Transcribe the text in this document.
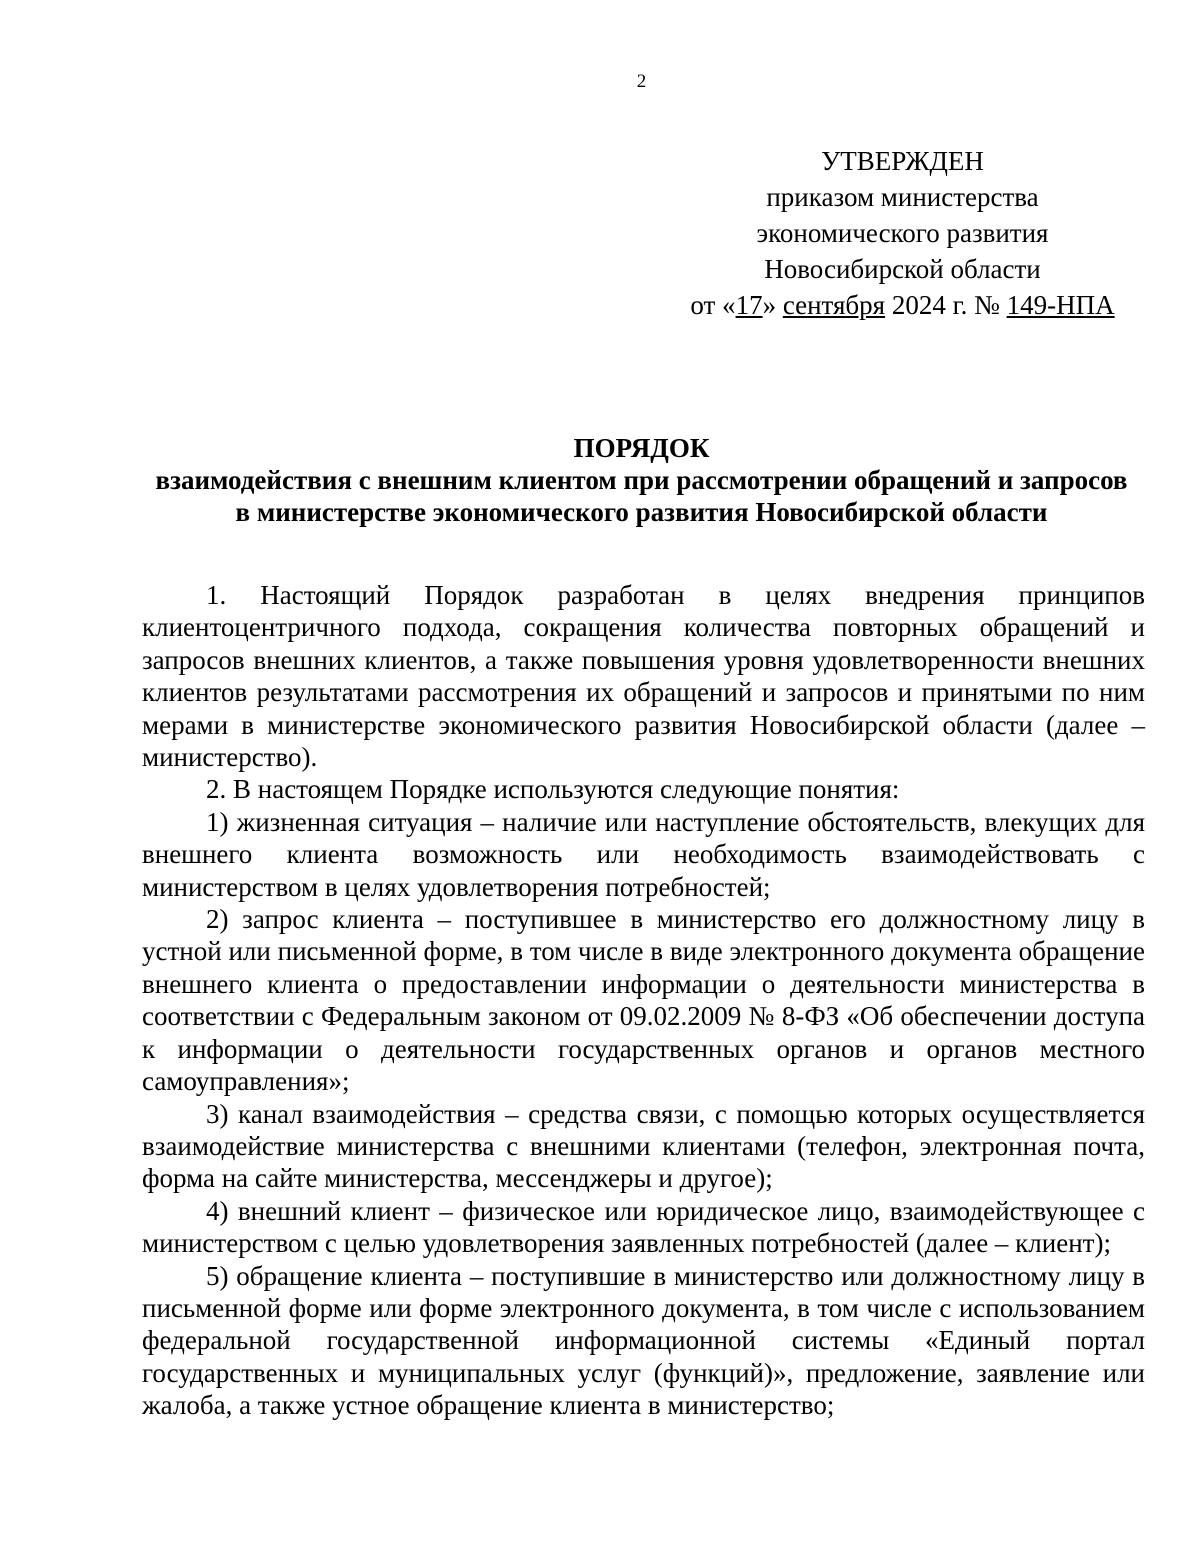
2
УТВЕРЖДЕН
приказом министерства
экономического развития
Новосибирской области
от «17» сентября 2024 г. № 149-НПА
ПОРЯДОК
взаимодействия с внешним клиентом при рассмотрении обращений и запросов
в министерстве экономического развития Новосибирской области

1. Настоящий Порядок разработан в целях внедрения принципов клиентоцентричного подхода, сокращения количества повторных обращений и запросов внешних клиентов, а также повышения уровня удовлетворенности внешних клиентов результатами рассмотрения их обращений и запросов и принятыми по ним мерами в министерстве экономического развития Новосибирской области (далее – министерство).

2. В настоящем Порядке используются следующие понятия:

1) жизненная ситуация – наличие или наступление обстоятельств, влекущих для внешнего клиента возможность или необходимость взаимодействовать с министерством в целях удовлетворения потребностей;

2) запрос клиента – поступившее в министерство его должностному лицу в устной или письменной форме, в том числе в виде электронного документа обращение внешнего клиента о предоставлении информации о деятельности министерства в соответствии с Федеральным законом от 09.02.2009 № 8-ФЗ «Об обеспечении доступа к информации о деятельности государственных органов и органов местного самоуправления»;

3) канал взаимодействия – средства связи, с помощью которых осуществляется взаимодействие министерства с внешними клиентами (телефон, электронная почта, форма на сайте министерства, мессенджеры и другое);

4) внешний клиент – физическое или юридическое лицо, взаимодействующее с министерством с целью удовлетворения заявленных потребностей (далее – клиент);

5) обращение клиента – поступившие в министерство или должностному лицу в письменной форме или форме электронного документа, в том числе с использованием федеральной государственной информационной системы «Единый портал государственных и муниципальных услуг (функций)», предложение, заявление или жалоба, а также устное обращение клиента в министерство;
